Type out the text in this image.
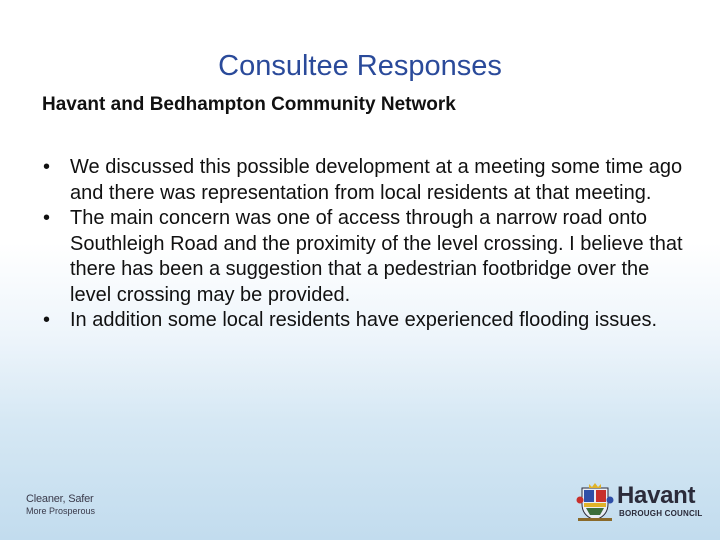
Consultee Responses
Havant and Bedhampton Community Network
• We discussed this possible development at a meeting some time ago and there was representation from local residents at that meeting.
• The main concern was one of access through a narrow road onto Southleigh Road and the proximity of the level crossing. I believe that there has been a suggestion that a pedestrian footbridge over the level crossing may be provided.
• In addition some local residents have experienced flooding issues.
Cleaner, Safer
More Prosperous
Havant
BOROUGH COUNCIL
